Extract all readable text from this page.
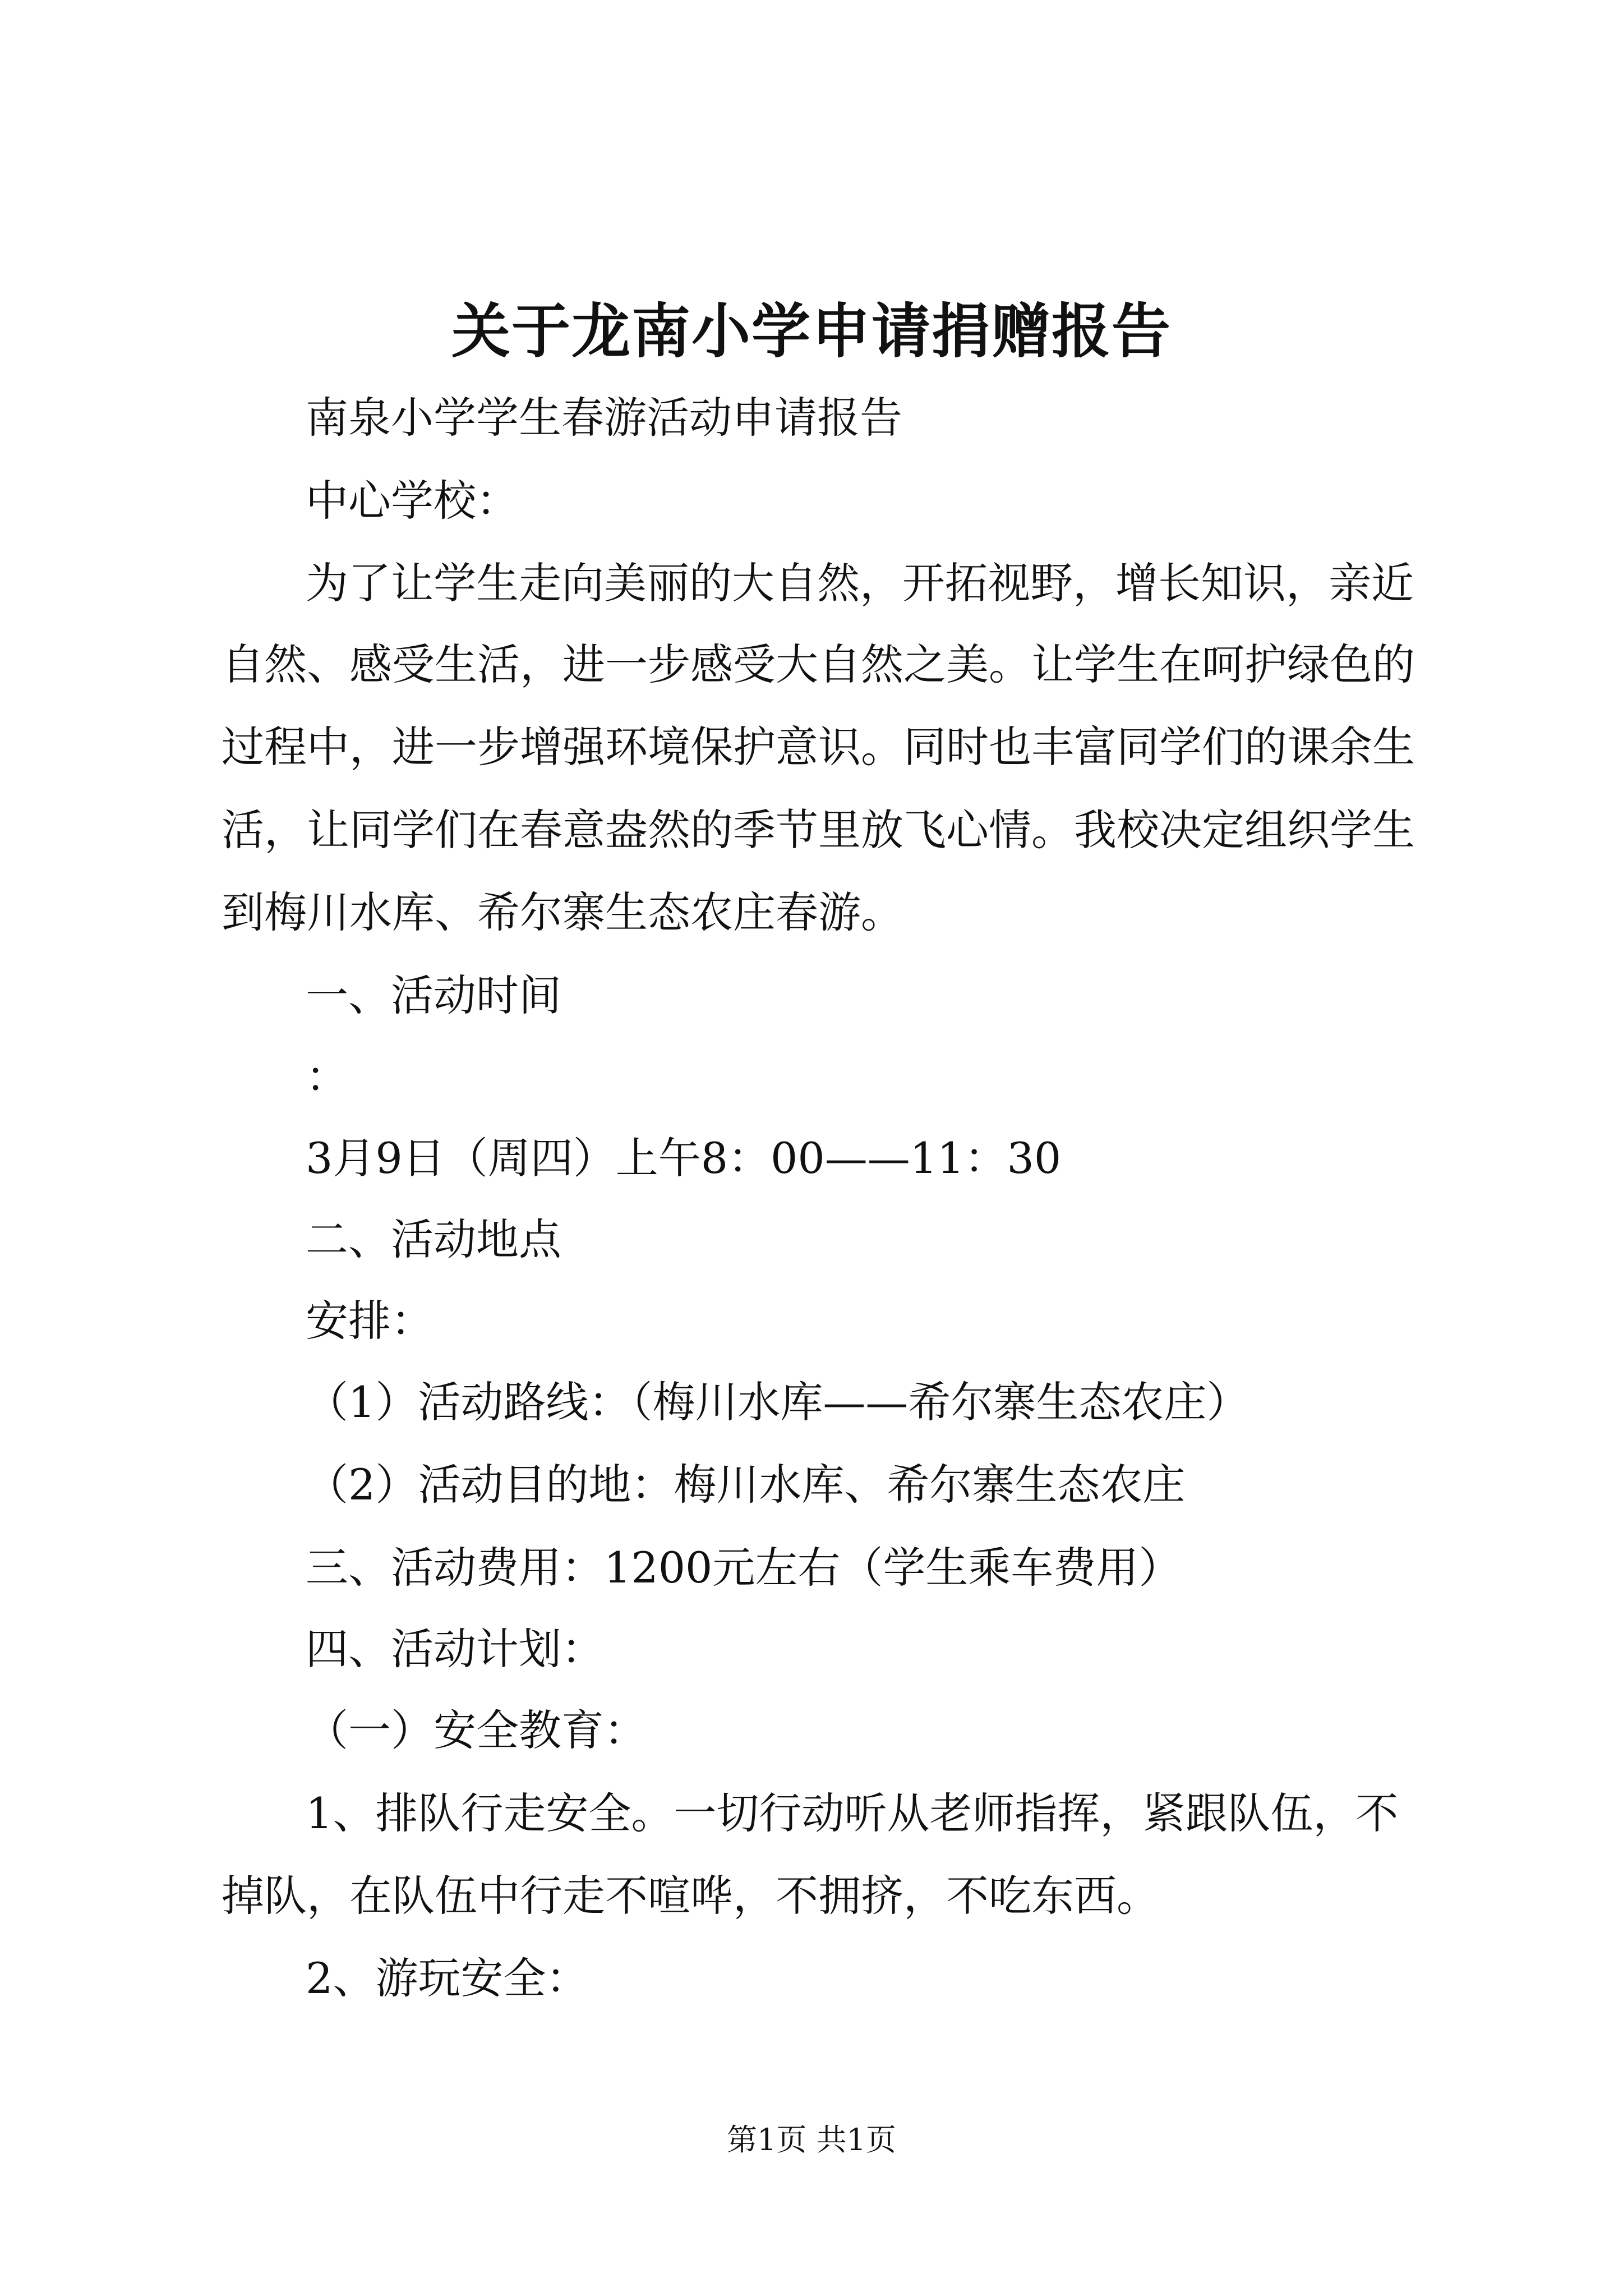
关于龙南小学申请捐赠报告
南泉小学学生春游活动申请报告
中心学校：
为了让学生走向美丽的大自然，开拓视野，增长知识，亲近
自然、感受生活，进一步感受大自然之美。让学生在呵护绿色的
过程中，进一步增强环境保护意识。同时也丰富同学们的课余生
活，让同学们在春意盎然的季节里放飞心情。我校决定组织学生
到梅川水库、希尔寨生态农庄春游。
一、活动时间
：
3月9日（周四）上午8：00——11：30
二、活动地点
安排：
（1）活动路线：（梅川水库——希尔寨生态农庄）
（2）活动目的地：梅川水库、希尔寨生态农庄
三、活动费用：1200元左右（学生乘车费用）
四、活动计划：
（一）安全教育：
1、排队行走安全。一切行动听从老师指挥，紧跟队伍，不
掉队，在队伍中行走不喧哗，不拥挤，不吃东西。
2、游玩安全：
第1页 共1页
